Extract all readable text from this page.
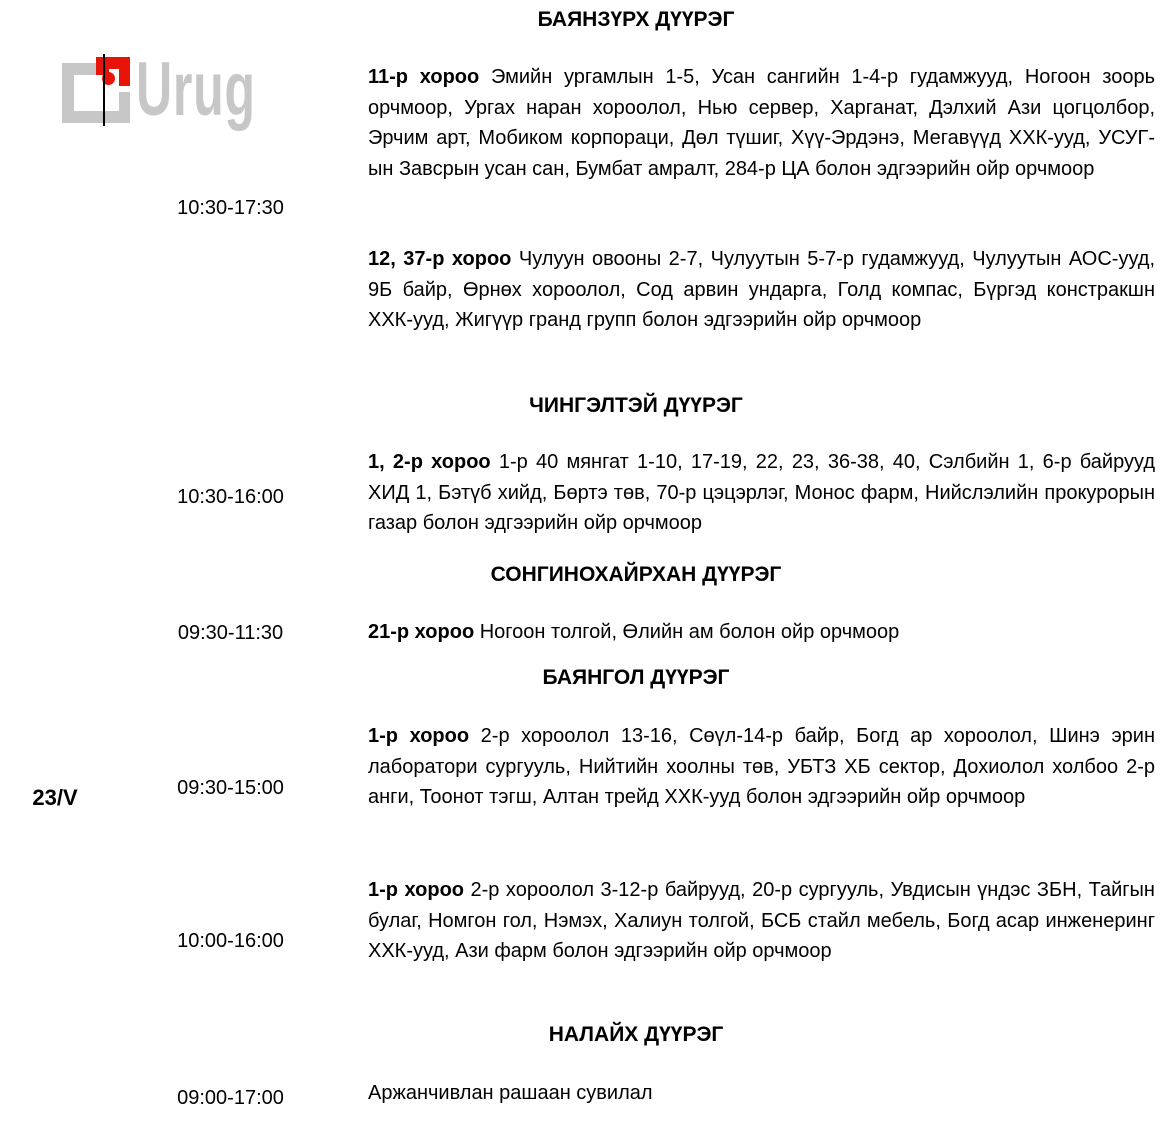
23/V
БАЯНЗҮРХ ДҮҮРЭГ
10:30-17:30
11-р хороо Эмийн ургамлын 1-5, Усан сангийн 1-4-р гудамжууд, Ногоон зоорь орчмоор, Ургах наран хороолол, Нью сервер, Харганат, Дэлхий Ази цогцолбор, Эрчим арт, Мобиком корпораци, Дөл түшиг, Хүү-Эрдэнэ, Мегавүүд ХХК-ууд, УСУГ-ын Завсрын усан сан, Бумбат амралт, 284-р ЦА болон эдгээрийн ойр орчмоор
12, 37-р хороо Чулуун овооны 2-7, Чулуутын 5-7-р гудамжууд, Чулуутын АОС-ууд, 9Б байр, Өрнөх хороолол, Сод арвин ундарга, Голд компас, Бүргэд констракшн ХХК-ууд, Жигүүр гранд групп болон эдгээрийн ойр орчмоор
ЧИНГЭЛТЭЙ ДҮҮРЭГ
10:30-16:00
1, 2-р хороо 1-р 40 мянгат 1-10, 17-19, 22, 23, 36-38, 40, Сэлбийн 1, 6-р байрууд ХИД 1, Бэтүб хийд, Бөртэ төв, 70-р цэцэрлэг, Монос фарм, Нийслэлийн прокурорын газар болон эдгээрийн ойр орчмоор
СОНГИНОХАЙРХАН ДҮҮРЭГ
09:30-11:30	21-р хороо Ногоон толгой, Өлийн ам болон ойр орчмоор
БАЯНГОЛ ДҮҮРЭГ
09:30-15:00
1-р хороо 2-р хороолол 13-16, Сөүл-14-р байр, Богд ар хороолол, Шинэ эрин лаборатори сургууль, Нийтийн хоолны төв, УБТЗ ХБ сектор, Дохиолол холбоо 2-р анги, Тоонот тэгш, Алтан трейд ХХК-ууд болон эдгээрийн ойр орчмоор
10:00-16:00
1-р хороо 2-р хороолол 3-12-р байрууд, 20-р сургууль, Увдисын үндэс ЗБН, Тайгын булаг, Номгон гол, Нэмэх, Халиун толгой, БСБ стайл мебель, Богд асар инженеринг ХХК-ууд, Ази фарм болон эдгээрийн ойр орчмоор
НАЛАЙХ ДҮҮРЭГ
09:00-17:00	Аржанчивлан рашаан сувилал
Urug
